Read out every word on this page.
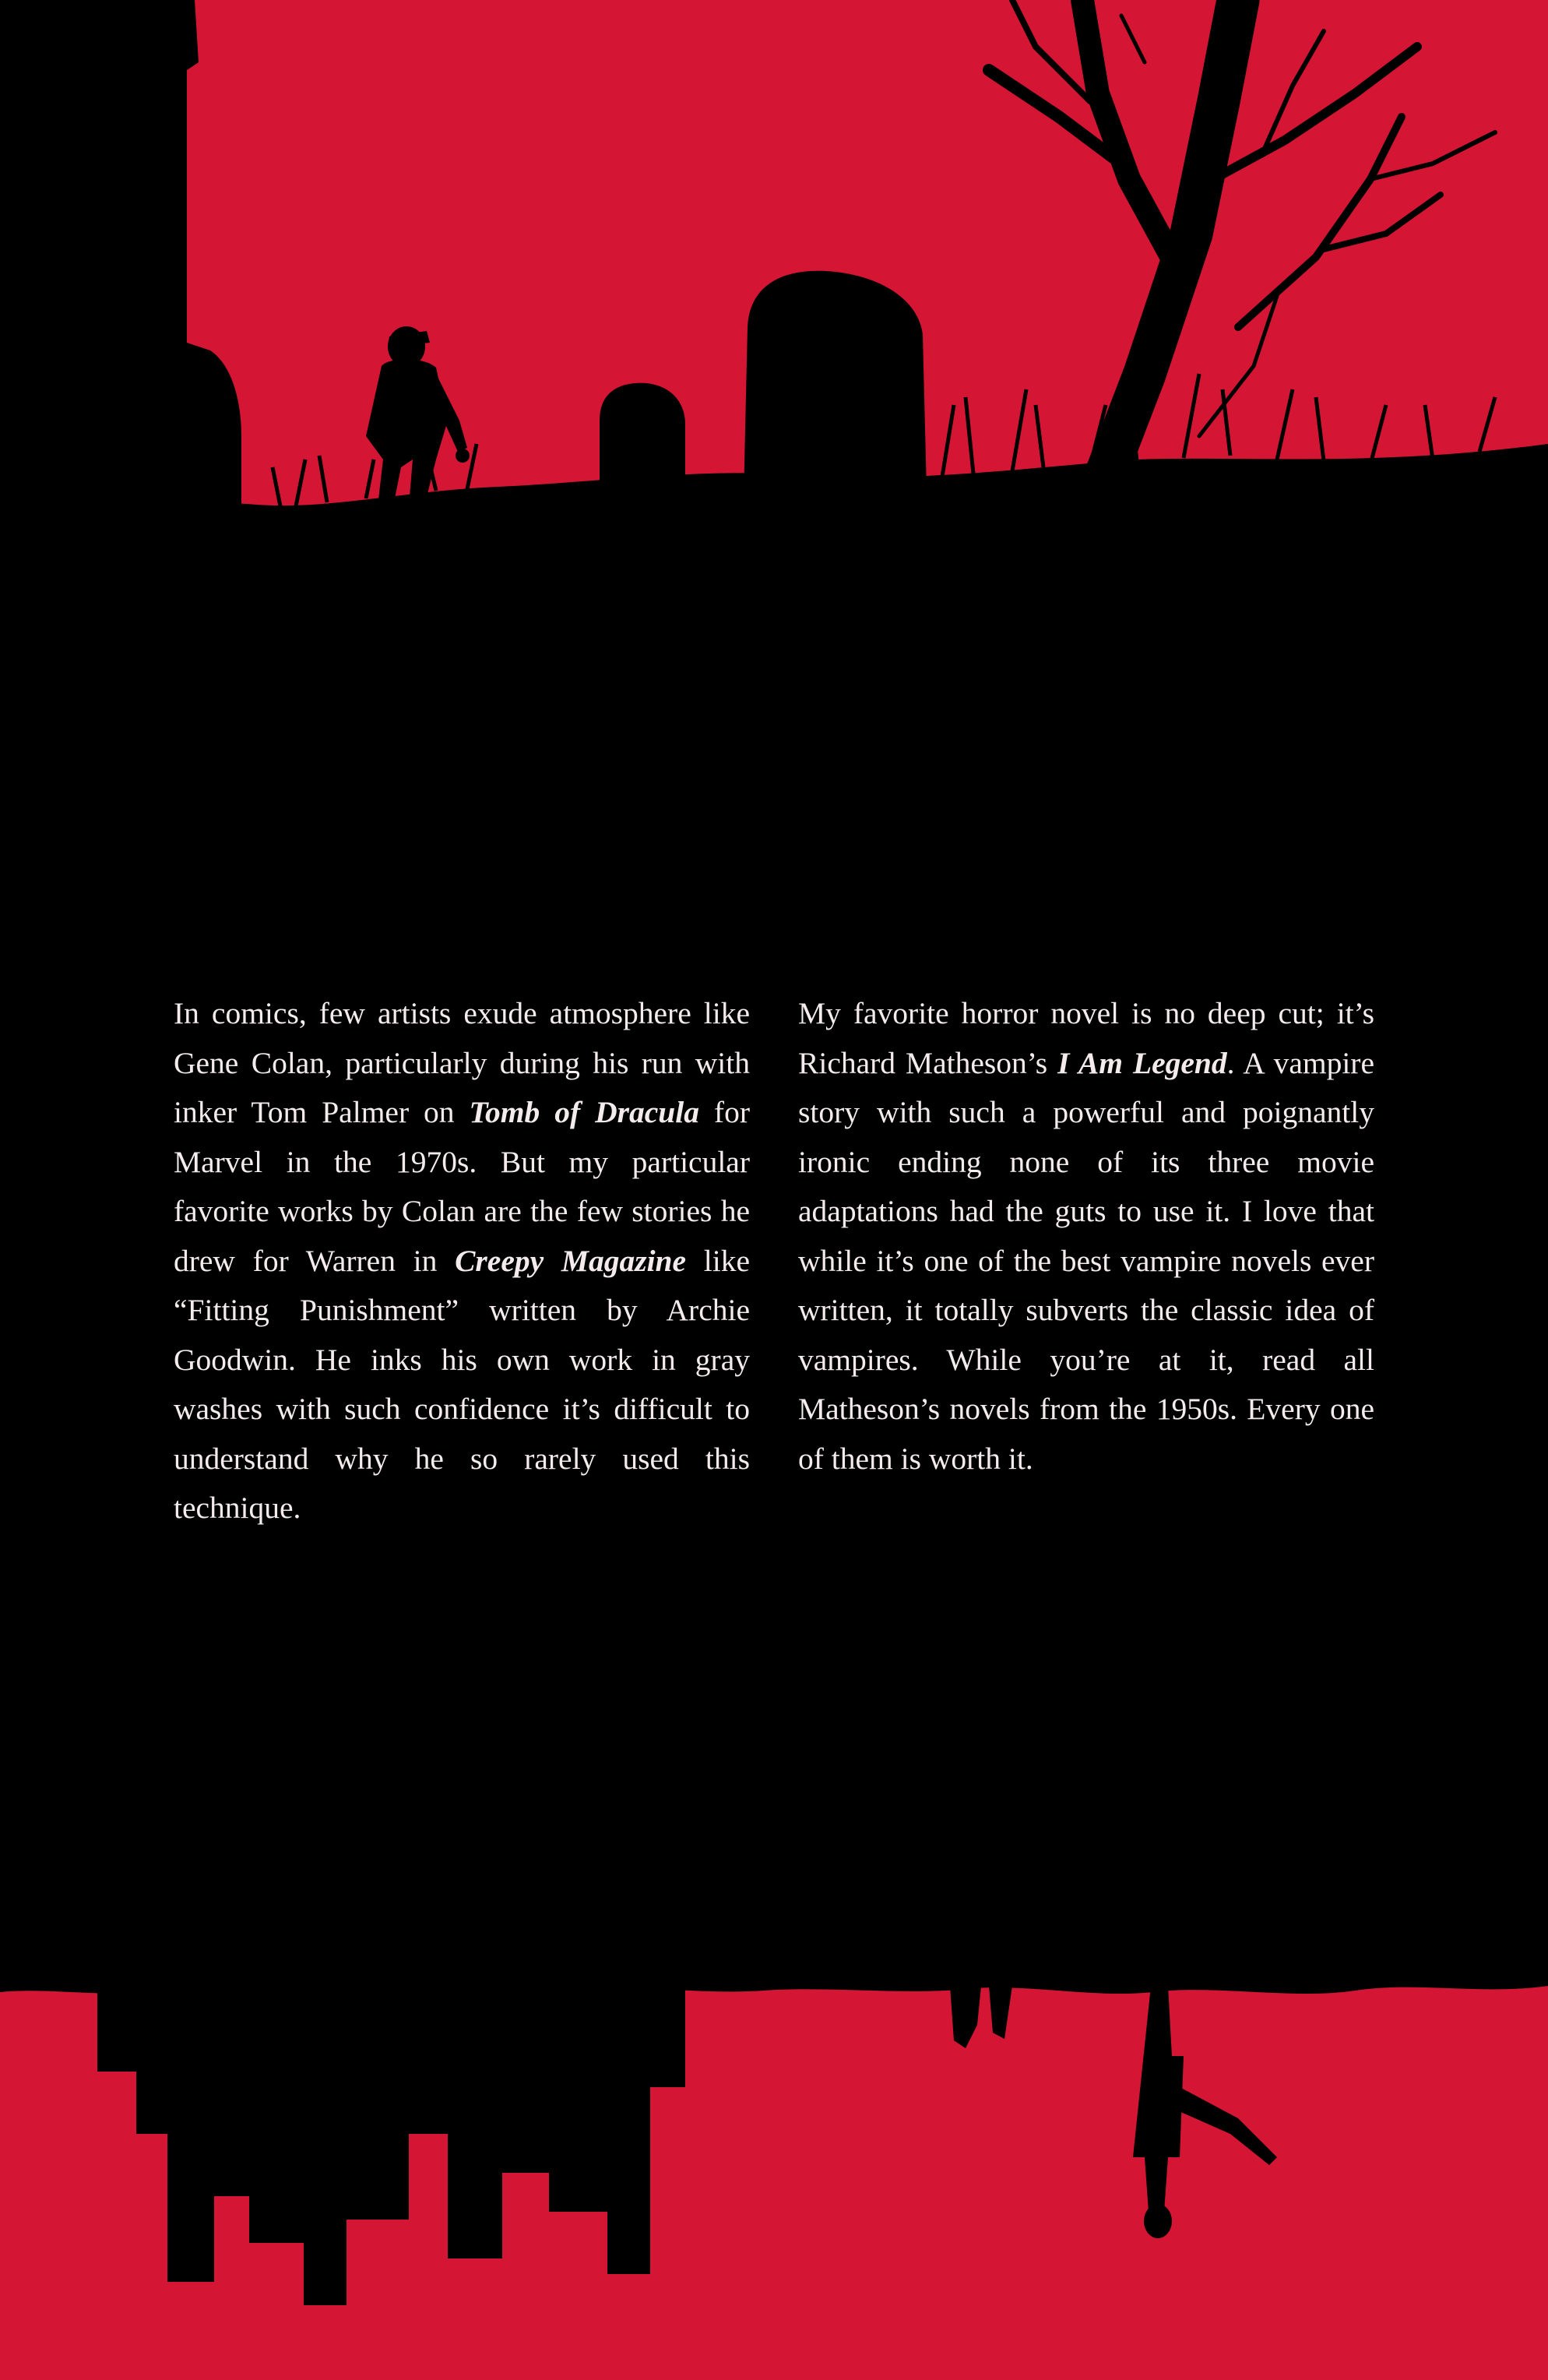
In comics, few artists exude atmosphere like Gene Colan, particularly during his run with inker Tom Palmer on Tomb of Dracula for Marvel in the 1970s. But my particular favorite works by Colan are the few stories he drew for Warren in Creepy Magazine like “Fitting Punishment” written by Archie Goodwin. He inks his own work in gray washes with such confidence it’s difficult to understand why he so rarely used this technique.

My favorite horror novel is no deep cut; it’s Richard Matheson’s I Am Legend. A vampire story with such a powerful and poignantly ironic ending none of its three movie adaptations had the guts to use it. I love that while it’s one of the best vampire novels ever written, it totally subverts the classic idea of vampires. While you’re at it, read all Matheson’s novels from the 1950s. Every one of them is worth it.
